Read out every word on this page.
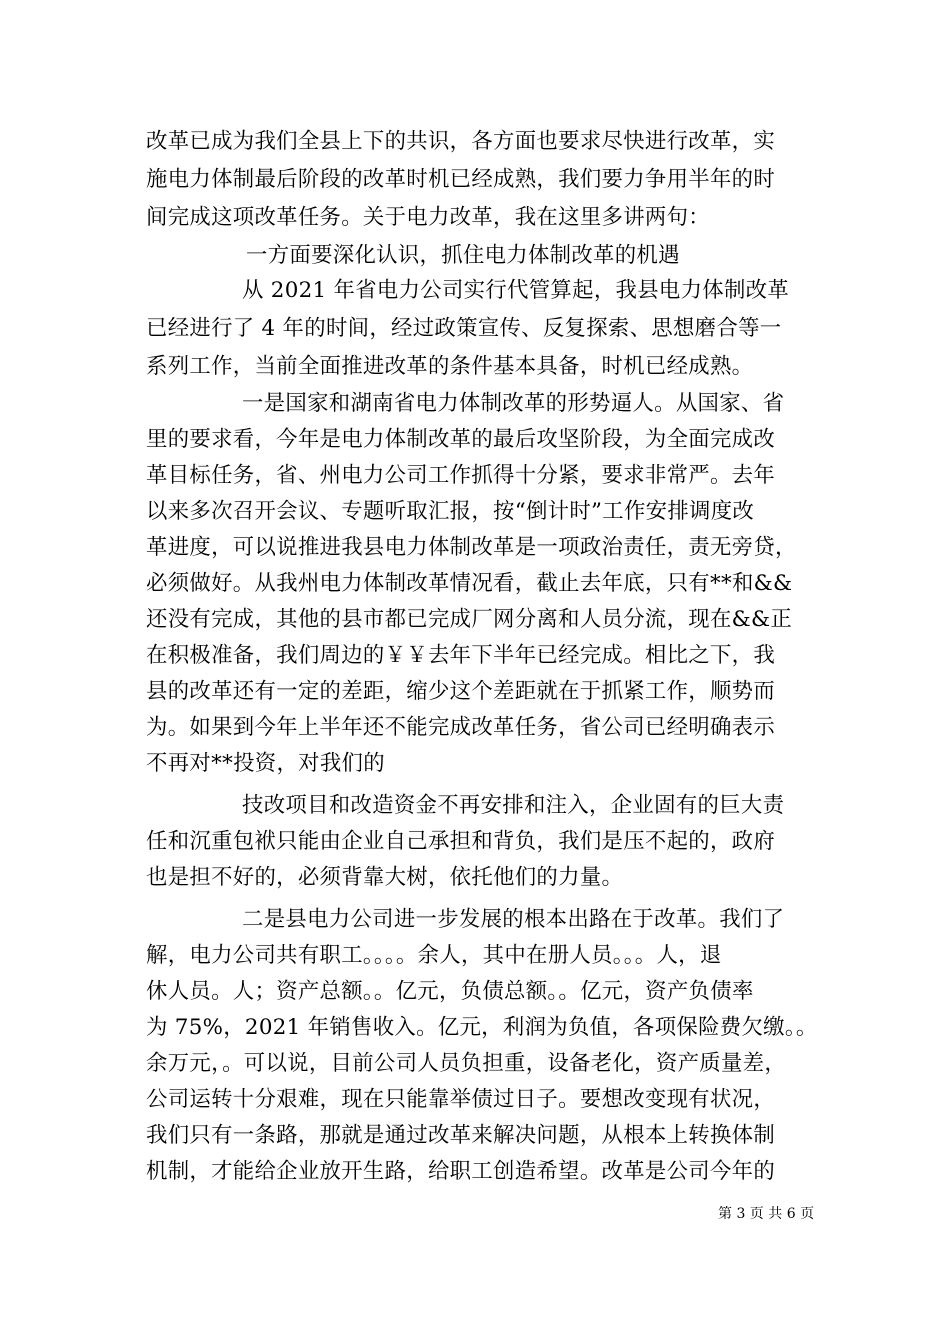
改革已成为我们全县上下的共识，各方面也要求尽快进行改革，实
施电力体制最后阶段的改革时机已经成熟，我们要力争用半年的时
间完成这项改革任务。关于电力改革，我在这里多讲两句：
一方面要深化认识，抓住电力体制改革的机遇
从 2021 年省电力公司实行代管算起，我县电力体制改革
已经进行了 4 年的时间，经过政策宣传、反复探索、思想磨合等一
系列工作，当前全面推进改革的条件基本具备，时机已经成熟。
一是国家和湖南省电力体制改革的形势逼人。从国家、省
里的要求看，今年是电力体制改革的最后攻坚阶段，为全面完成改
革目标任务，省、州电力公司工作抓得十分紧，要求非常严。去年
以来多次召开会议、专题听取汇报，按“倒计时”工作安排调度改
革进度，可以说推进我县电力体制改革是一项政治责任，责无旁贷，
必须做好。从我州电力体制改革情况看，截止去年底，只有**和&&
还没有完成，其他的县市都已完成厂网分离和人员分流，现在&&正
在积极准备，我们周边的￥￥去年下半年已经完成。相比之下，我
县的改革还有一定的差距，缩少这个差距就在于抓紧工作，顺势而
为。如果到今年上半年还不能完成改革任务，省公司已经明确表示
不再对**投资，对我们的
技改项目和改造资金不再安排和注入，企业固有的巨大责
任和沉重包袱只能由企业自己承担和背负，我们是压不起的，政府
也是担不好的，必须背靠大树，依托他们的力量。
二是县电力公司进一步发展的根本出路在于改革。我们了
解，电力公司共有职工。。。。余人，其中在册人员。。。人，退
休人员。人；资产总额。。亿元，负债总额。。亿元，资产负债率
为 75%，2021 年销售收入。亿元，利润为负值，各项保险费欠缴。。
余万元，。可以说，目前公司人员负担重，设备老化，资产质量差，
公司运转十分艰难，现在只能靠举债过日子。要想改变现有状况，
我们只有一条路，那就是通过改革来解决问题，从根本上转换体制
机制，才能给企业放开生路，给职工创造希望。改革是公司今年的
第 3 页 共 6 页
